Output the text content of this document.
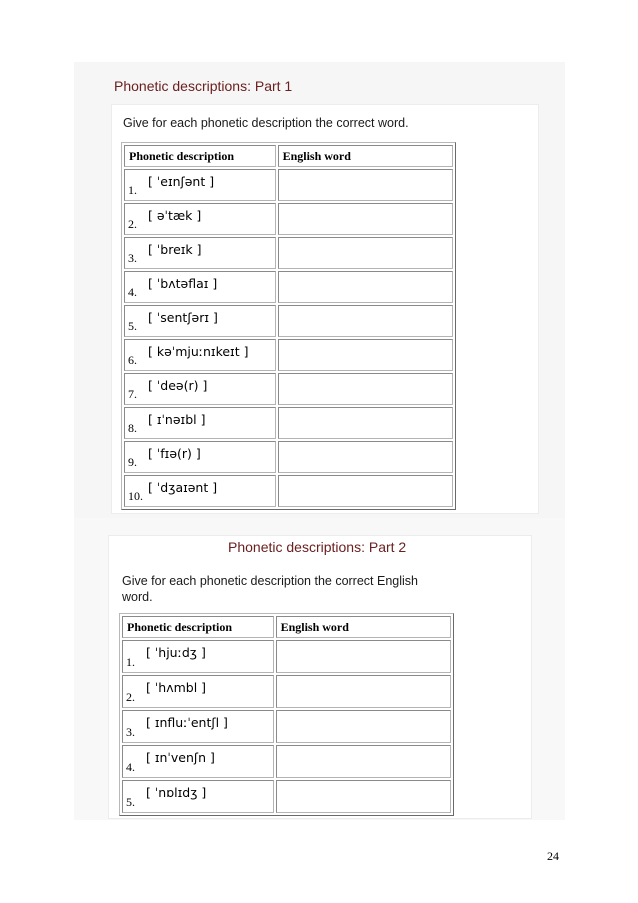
Phonetic descriptions: Part 1
Give for each phonetic description the correct word.
Phonetic description	English word

[ ˈeɪnʃənt ]
1.	

[ əˈtæk ]
2.	

[ ˈbreɪk ]
3.	

[ ˈbʌtəflaɪ ]
4.	

[ ˈsentʃərɪ ]
5.	

[ kəˈmjuːnɪkeɪt ]
6.	

[ ˈdeə(r) ]
7.	

[ ɪˈnəɪbl ]
8.	

[ ˈfɪə(r) ]
9.	

[ ˈdʒaɪənt ]
10.	

Phonetic descriptions: Part 2
Give for each phonetic description the correct English
word.
Phonetic description	English word

[ ˈhjuːdʒ ]
1.	

[ ˈhʌmbl ]
2.	

[ ɪnfluːˈentʃl ]
3.	

[ ɪnˈvenʃn ]
4.	

[ ˈnɒlɪdʒ ]
5.	

24
